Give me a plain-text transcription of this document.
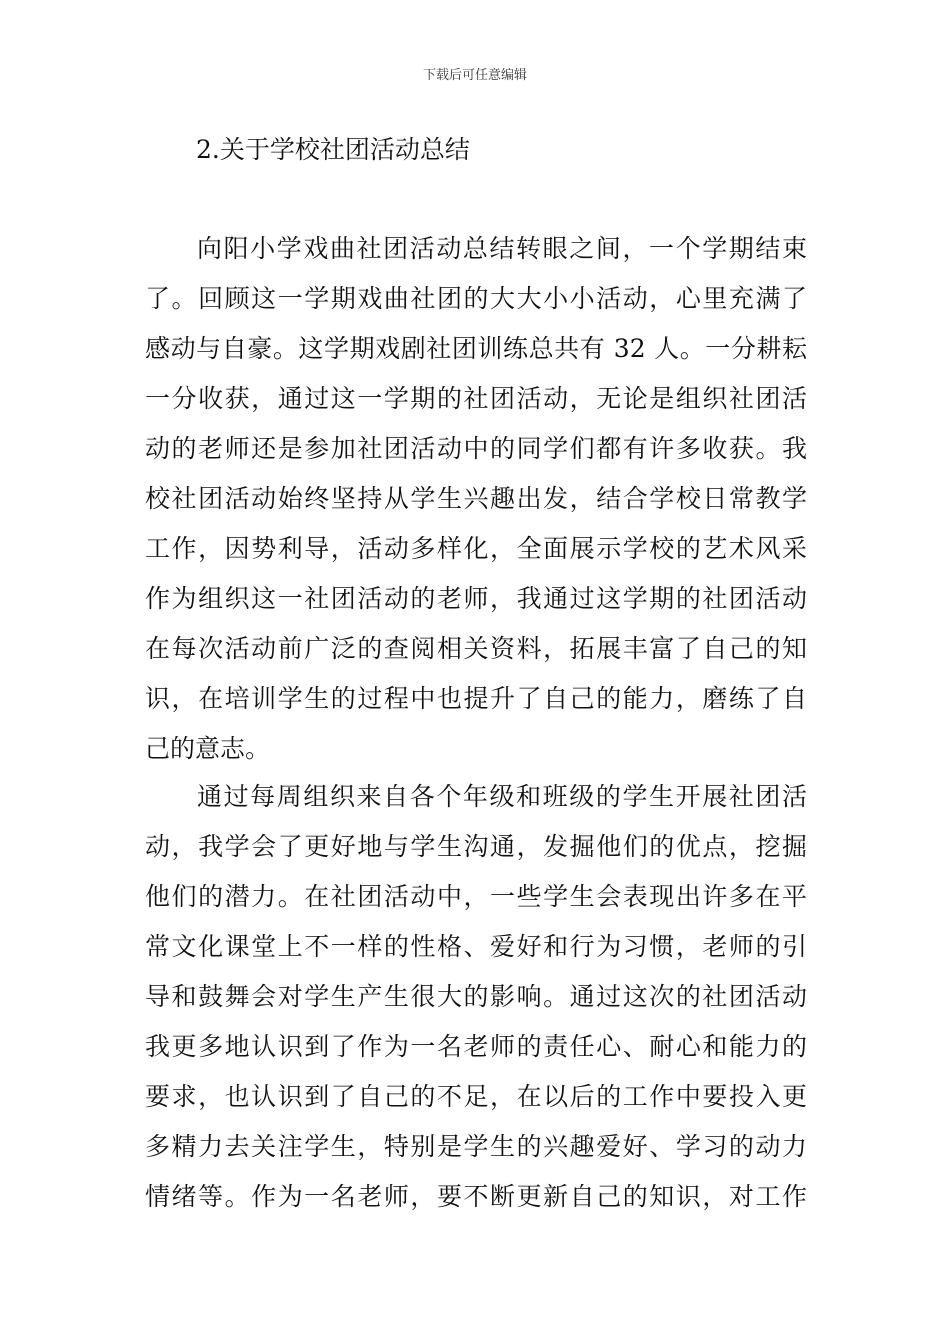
下载后可任意编辑
2.关于学校社团活动总结
向阳小学戏曲社团活动总结转眼之间，一个学期结束
了。回顾这一学期戏曲社团的大大小小活动，心里充满了
感动与自豪。这学期戏剧社团训练总共有 32 人。一分耕耘
一分收获，通过这一学期的社团活动，无论是组织社团活
动的老师还是参加社团活动中的同学们都有许多收获。我
校社团活动始终坚持从学生兴趣出发，结合学校日常教学
工作，因势利导，活动多样化，全面展示学校的艺术风采
作为组织这一社团活动的老师，我通过这学期的社团活动
在每次活动前广泛的查阅相关资料，拓展丰富了自己的知
识，在培训学生的过程中也提升了自己的能力，磨练了自
己的意志。
通过每周组织来自各个年级和班级的学生开展社团活
动，我学会了更好地与学生沟通，发掘他们的优点，挖掘
他们的潜力。在社团活动中，一些学生会表现出许多在平
常文化课堂上不一样的性格、爱好和行为习惯，老师的引
导和鼓舞会对学生产生很大的影响。通过这次的社团活动
我更多地认识到了作为一名老师的责任心、耐心和能力的
要求，也认识到了自己的不足，在以后的工作中要投入更
多精力去关注学生，特别是学生的兴趣爱好、学习的动力
情绪等。作为一名老师，要不断更新自己的知识，对工作
